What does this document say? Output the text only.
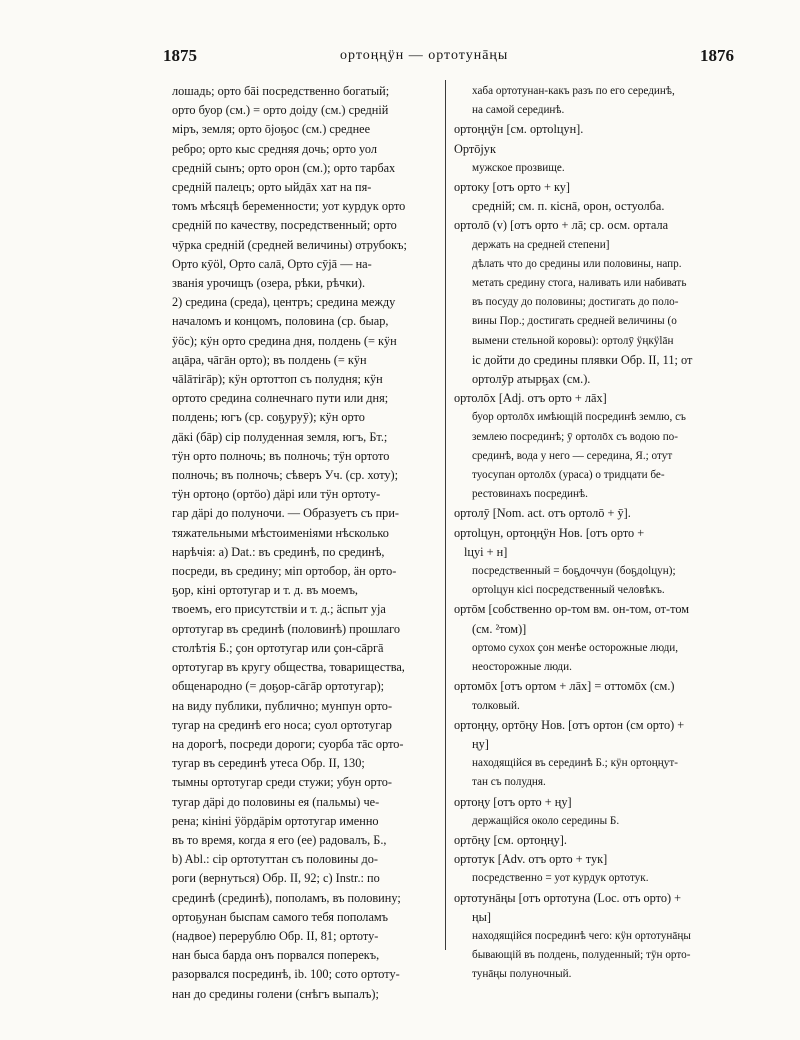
1875	ортоңңӱн — ортотунāңы	1876
лошадь; орто бāі посредственно богатый;
орто буор (см.) = орто доіду (см.) средній
міръ, земля; орто ōјоҕос (см.) среднее
ребро; орто кыс средняя дочь; орто уол
средній сынъ; орто орон (см.); орто тарбах
средній палецъ; орто ыйдāх хат на пя-
томъ мѣсяцѣ беременности; уот курдук орто
средній по качеству, посредственный; орто
чӯрка средній (средней величины) отрубокъ;
Орто кӯöl, Орто салā, Орто сӯјā — на-
званія урочищъ (озера, рѣки, рѣчки).
2) средина (среда), центръ; средина между
началомъ и концомъ, половина (ср. быар,
ӱöс); кӱн орто средина дня, полдень (= кӱн
ацāра, чāгāн орто); въ полдень (= кӱн
чālāтігāр); кӱн ортоттоп съ полудня; кӱн
ортото средина солнечнаго пути или дня;
полдень; югъ (ср. соҕуруȳ); кӱн орто
дäкі (бāр) сір полуденная земля, югъ, Бт.;
тӱн орто полночь; въ полночь; тӱн ортото
полночь; въ полночь; сѣверъ Уч. (ср. хоту);
тӱн ортоңо (ортöо) дäрі или тӱн ортоту-
гар дäрі до полуночи. — Образуетъ съ при-
тяжательными мѣстоименіями нѣсколько
нарѣчія: a) Dat.: въ срединѣ, по срединѣ,
посреди, въ средину; міп ортобор, äн орто-
ҕор, кіні ортотугар и т. д. въ моемъ,
твоемъ, его присутствіи и т. д.; äспыт уја
ортотугар въ срединѣ (половинѣ) прошлаго
столѣтія Б.; ҫон ортотугар или ҫон-сāргā
ортотугар въ кругу общества, товарищества,
общенародно (= доҕор-сāгāр ортотугар);
на виду публики, публично; мунпун орто-
тугар на срединѣ его носа; суол ортотугар
на дорогѣ, посреди дороги; суорба тāс орто-
тугар въ серединѣ утеса Обр. II, 130;
тымны ортотугар среди стужи; убун орто-
тугар дäрі до половины ея (пальмы) че-
рена; кініні ӱöрдäрім ортотугар именно
въ то время, когда я его (ее) радовалъ, Б.,
b) Abl.: сір ортотуттан съ половины до-
роги (вернуться) Обр. II, 92; c) Instr.: по
срединѣ (срединѣ), пополамъ, въ половину;
ортоҕунан быспам самого тебя пополамъ
(надвое) перерублю Обр. II, 81; ортоту-
нан быса барда онъ порвался поперекъ,
разорвался посрединѣ, ib. 100; сото ортоту-
нан до средины голени (снѣгъ выпалъ);
хаба ортотунан-какъ разъ по его серединѣ,
на самой серединѣ.
ортоңңӱн [см. ортоlцун].
Ортōјук
мужское прозвище.
ортоку [отъ орто + ку]
средній; см. п. кіснā, орон, остуолба.
ортолō (v) [отъ орто + лā; ср. осм. ортала
держать на средней степени]
дѣлать что до средины или половины, напр.
метать средину стога, наливать или набивать
въ посуду до половины; достигать до поло-
вины Пор.; достигать средней величины (о
вымени стельной коровы): ортолȳ ӱңкӱlāн
іс дойти до средины плявки Обр. II, 11; от
ортолȳр атырҕах (см.).
ортолōх [Adj. отъ орто + лāх]
буор ортолōх имѣющій посрединѣ землю, съ
землею посрединѣ; ӯ ортолōх съ водою по-
срединѣ, вода у него — середина, Я.; отут
туосупан ортолōх (ураса) о тридцати бе-
рестовинахъ посрединѣ.
ортолȳ [Nom. act. отъ ортолō + ȳ].
ортоlцун, ортоңңӱн Нов. [отъ орто +
lцуі + н]
посредственный = боҕдоччун (боҕдоlцун);
ортоlцун кісі посредственный человѣкъ.
ортōм [собственно ор-том вм. он-том, от-том
(см. ²том)]
ортомо сухох ҫон менѣе осторожные люди,
неосторожные люди.
ортомōх [отъ ортом + лāх] = оттомōх (см.)
толковый.
ортоңңу, ортōңу Нов. [отъ ортон (см орто) +
ңу]
находящійся въ серединѣ Б.; кӱн ортоңңут-
тан съ полудня.
ортоңу [отъ орто + ңу]
держащійся около середины Б.
ортōңу [см. ортоңңу].
ортотук [Adv. отъ орто + тук]
посредственно = уот курдук ортотук.
ортотунāңы [отъ ортотуна (Loc. отъ орто) +
ңы]
находящійся посрединѣ чего: кӱн ортотунāңы
бывающій въ полдень, полуденный; тӱн орто-
тунāңы полуночный.
